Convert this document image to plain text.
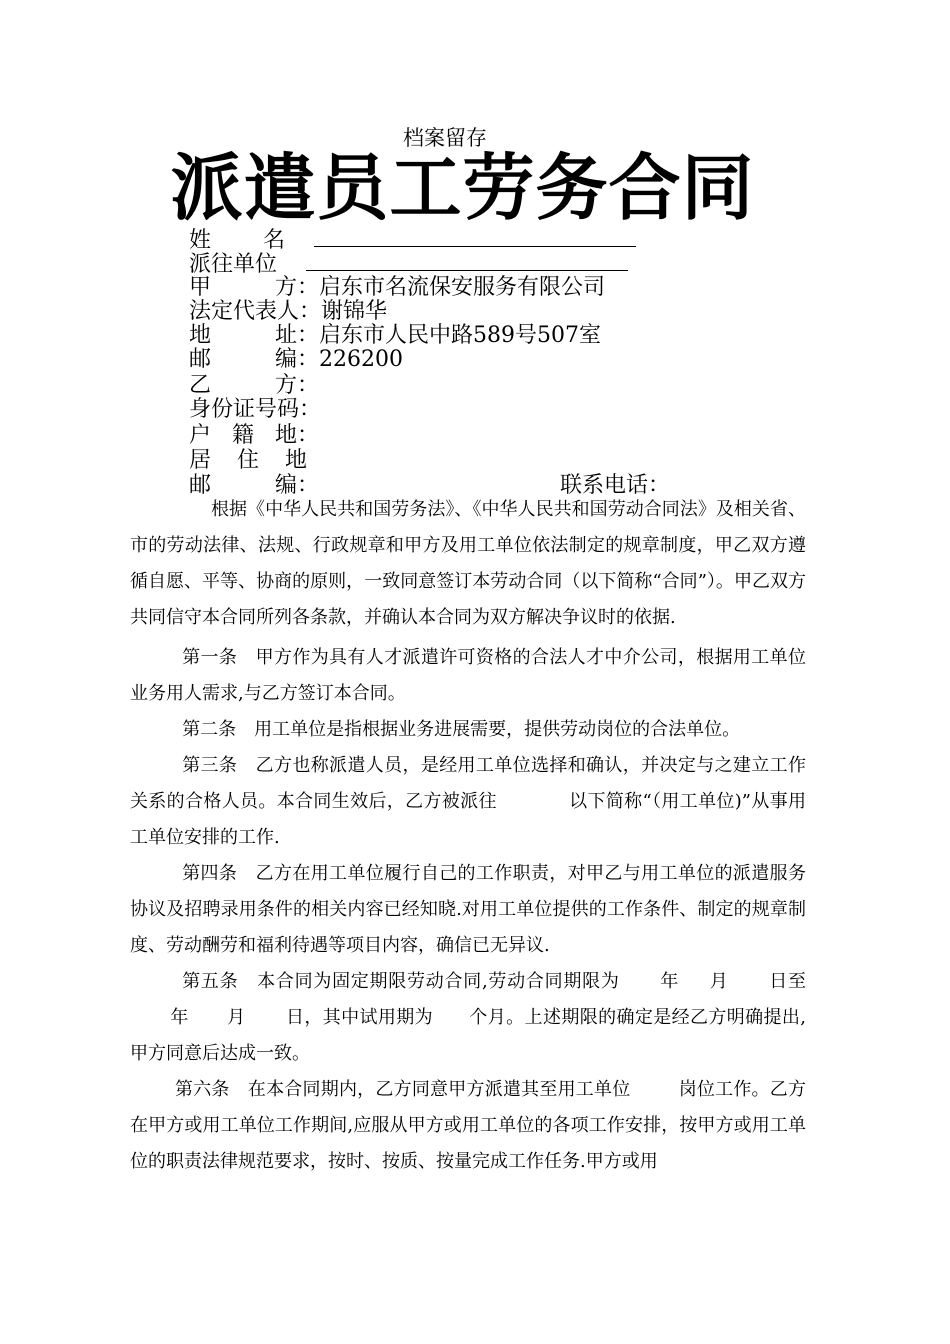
档案留存
派遣员工劳务合同
姓 名

派往单位
甲	方： 启东市名流保安服务有限公司
法定代表人：谢锦华
地	址： 启东市人民中路589号507室
邮	编： 226200
乙	方：
身份证号码：
户 籍 地：
居 住 地
邮	编：	联系电话：

根据《中华人民共和国劳务法》、《中华人民共和国劳动合同法》及相关省、市的劳动法律、法规、行政规章和甲方及用工单位依法制定的规章制度，甲乙双方遵循自愿、平等、协商的原则，一致同意签订本劳动合同（以下简称“合同”）。甲乙双方共同信守本合同所列各条款，并确认本合同为双方解决争议时的依据.

第一条　甲方作为具有人才派遣许可资格的合法人才中介公司，根据用工单位业务用人需求,与乙方签订本合同。

第二条　用工单位是指根据业务进展需要，提供劳动岗位的合法单位。

第三条　乙方也称派遣人员，是经用工单位选择和确认，并决定与之建立工作关系的合格人员。本合同生效后，乙方被派往	以下简称“（用工单位)”从事用工单位安排的工作.

第四条　乙方在用工单位履行自己的工作职责，对甲乙与用工单位的派遣服务协议及招聘录用条件的相关内容已经知晓.对用工单位提供的工作条件、制定的规章制度、劳动酬劳和福利待遇等项目内容，确信已无异议.

第五条　本合同为固定期限劳动合同,劳动合同期限为 年 月 日至年 月 日，其中试用期为 个月。上述期限的确定是经乙方明确提出,甲方同意后达成一致。

第六条　在本合同期内，乙方同意甲方派遣其至用工单位	岗位工作。乙方在甲方或用工单位工作期间,应服从甲方或用工单位的各项工作安排，按甲方或用工单位的职责法律规范要求，按时、按质、按量完成工作任务.甲方或用
